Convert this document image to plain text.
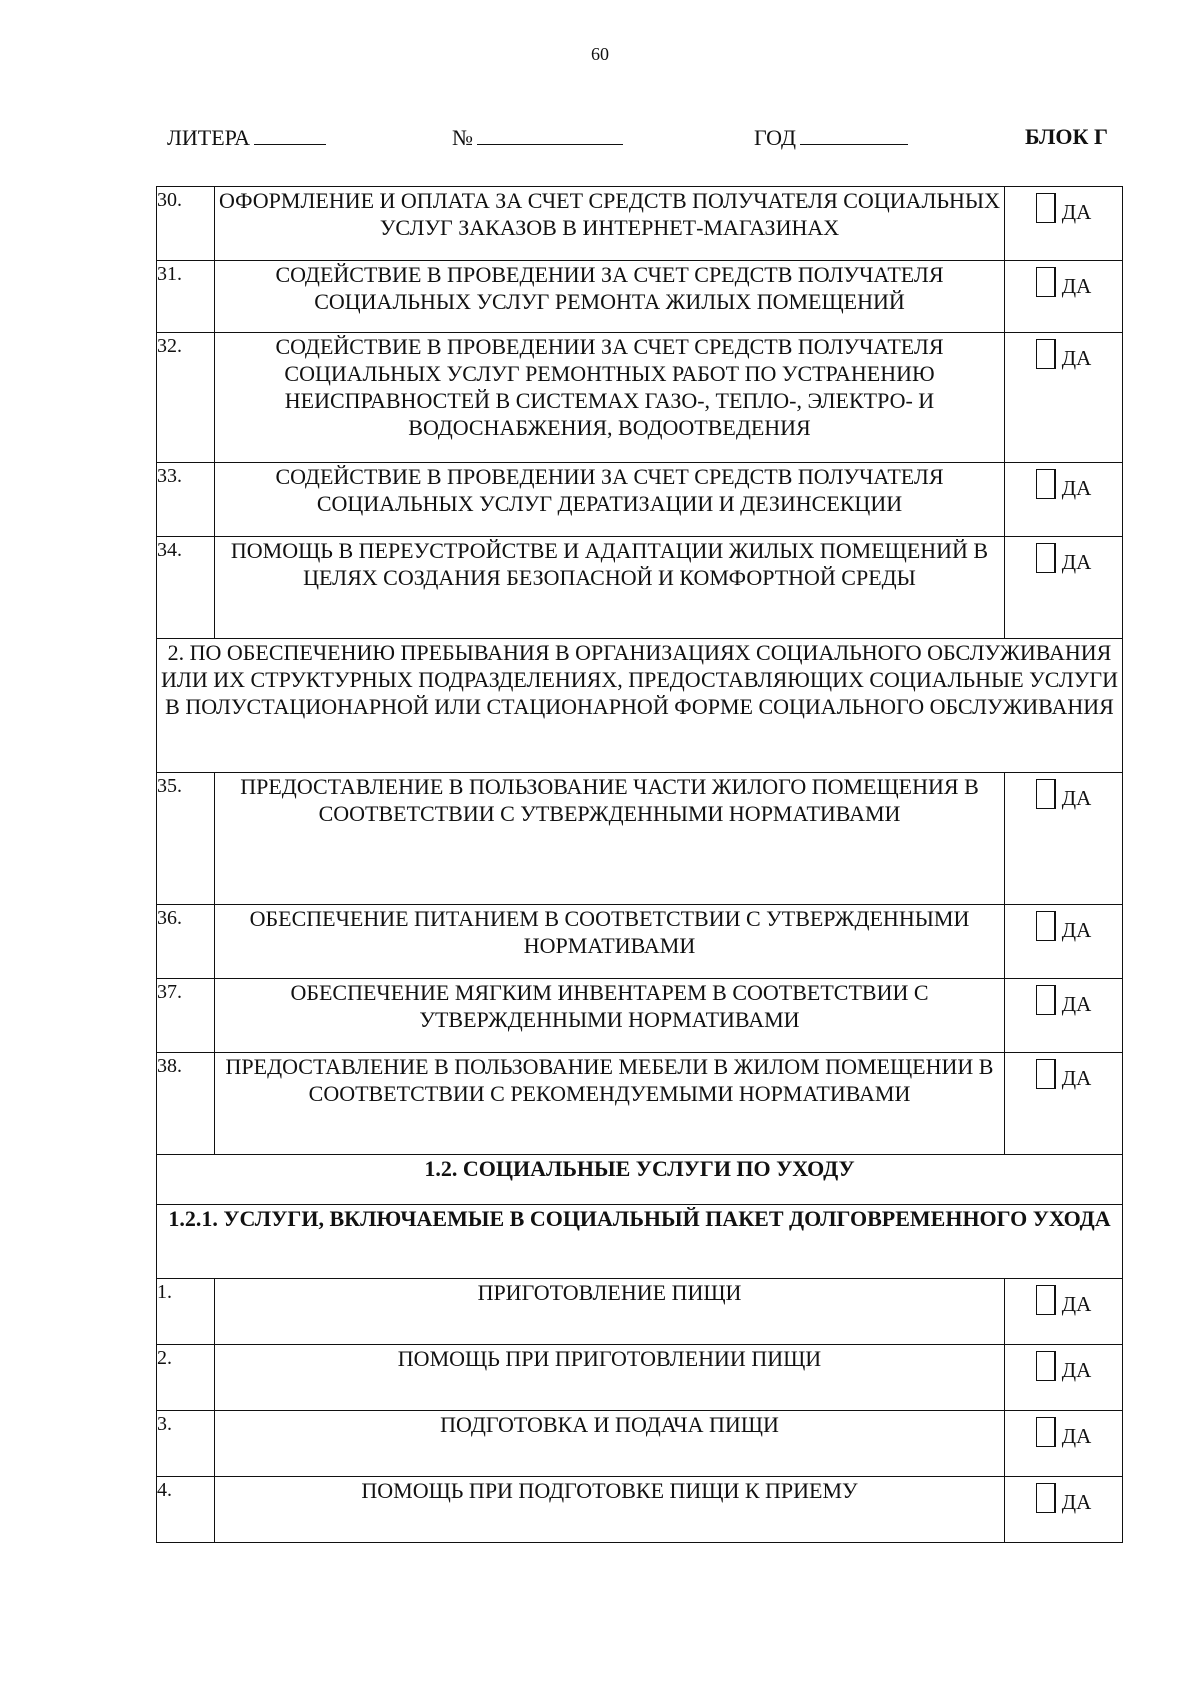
60
ЛИТЕРА	№	ГОД	БЛОК Г
30.	ОФОРМЛЕНИЕ И ОПЛАТА ЗА СЧЕТ СРЕДСТВ ПОЛУЧАТЕЛЯ СОЦИАЛЬНЫХ УСЛУГ ЗАКАЗОВ В ИНТЕРНЕТ-МАГАЗИНАХ	ДА

31.	СОДЕЙСТВИЕ В ПРОВЕДЕНИИ ЗА СЧЕТ СРЕДСТВ ПОЛУЧАТЕЛЯ СОЦИАЛЬНЫХ УСЛУГ РЕМОНТА ЖИЛЫХ ПОМЕЩЕНИЙ	ДА

32.	СОДЕЙСТВИЕ В ПРОВЕДЕНИИ ЗА СЧЕТ СРЕДСТВ ПОЛУЧАТЕЛЯ СОЦИАЛЬНЫХ УСЛУГ РЕМОНТНЫХ РАБОТ ПО УСТРАНЕНИЮ НЕИСПРАВНОСТЕЙ В СИСТЕМАХ ГАЗО-, ТЕПЛО-, ЭЛЕКТРО- И ВОДОСНАБЖЕНИЯ, ВОДООТВЕДЕНИЯ	ДА

33.	СОДЕЙСТВИЕ В ПРОВЕДЕНИИ ЗА СЧЕТ СРЕДСТВ ПОЛУЧАТЕЛЯ СОЦИАЛЬНЫХ УСЛУГ ДЕРАТИЗАЦИИ И ДЕЗИНСЕКЦИИ	ДА

34.	ПОМОЩЬ В ПЕРЕУСТРОЙСТВЕ И АДАПТАЦИИ ЖИЛЫХ ПОМЕЩЕНИЙ В ЦЕЛЯХ СОЗДАНИЯ БЕЗОПАСНОЙ И КОМФОРТНОЙ СРЕДЫ	ДА

2. ПО ОБЕСПЕЧЕНИЮ ПРЕБЫВАНИЯ В ОРГАНИЗАЦИЯХ СОЦИАЛЬНОГО ОБСЛУЖИВАНИЯ ИЛИ ИХ СТРУКТУРНЫХ ПОДРАЗДЕЛЕНИЯХ, ПРЕДОСТАВЛЯЮЩИХ СОЦИАЛЬНЫЕ УСЛУГИ В ПОЛУСТАЦИОНАРНОЙ ИЛИ СТАЦИОНАРНОЙ ФОРМЕ СОЦИАЛЬНОГО ОБСЛУЖИВАНИЯ		
35.	ПРЕДОСТАВЛЕНИЕ В ПОЛЬЗОВАНИЕ ЧАСТИ ЖИЛОГО ПОМЕЩЕНИЯ В СООТВЕТСТВИИ С УТВЕРЖДЕННЫМИ НОРМАТИВАМИ	ДА

36.	ОБЕСПЕЧЕНИЕ ПИТАНИЕМ В СООТВЕТСТВИИ С УТВЕРЖДЕННЫМИ НОРМАТИВАМИ	ДА

37.	ОБЕСПЕЧЕНИЕ МЯГКИМ ИНВЕНТАРЕМ В СООТВЕТСТВИИ С УТВЕРЖДЕННЫМИ НОРМАТИВАМИ	ДА

38.	ПРЕДОСТАВЛЕНИЕ В ПОЛЬЗОВАНИЕ МЕБЕЛИ В ЖИЛОМ ПОМЕЩЕНИИ В СООТВЕТСТВИИ С РЕКОМЕНДУЕМЫМИ НОРМАТИВАМИ	ДА

1.2. СОЦИАЛЬНЫЕ УСЛУГИ ПО УХОДУ		
1.2.1. УСЛУГИ, ВКЛЮЧАЕМЫЕ В СОЦИАЛЬНЫЙ ПАКЕТ ДОЛГОВРЕМЕННОГО УХОДА		
1.	ПРИГОТОВЛЕНИЕ ПИЩИ	ДА

2.	ПОМОЩЬ ПРИ ПРИГОТОВЛЕНИИ ПИЩИ	ДА

3.	ПОДГОТОВКА И ПОДАЧА ПИЩИ	ДА

4.	ПОМОЩЬ ПРИ ПОДГОТОВКЕ ПИЩИ К ПРИЕМУ	ДА
